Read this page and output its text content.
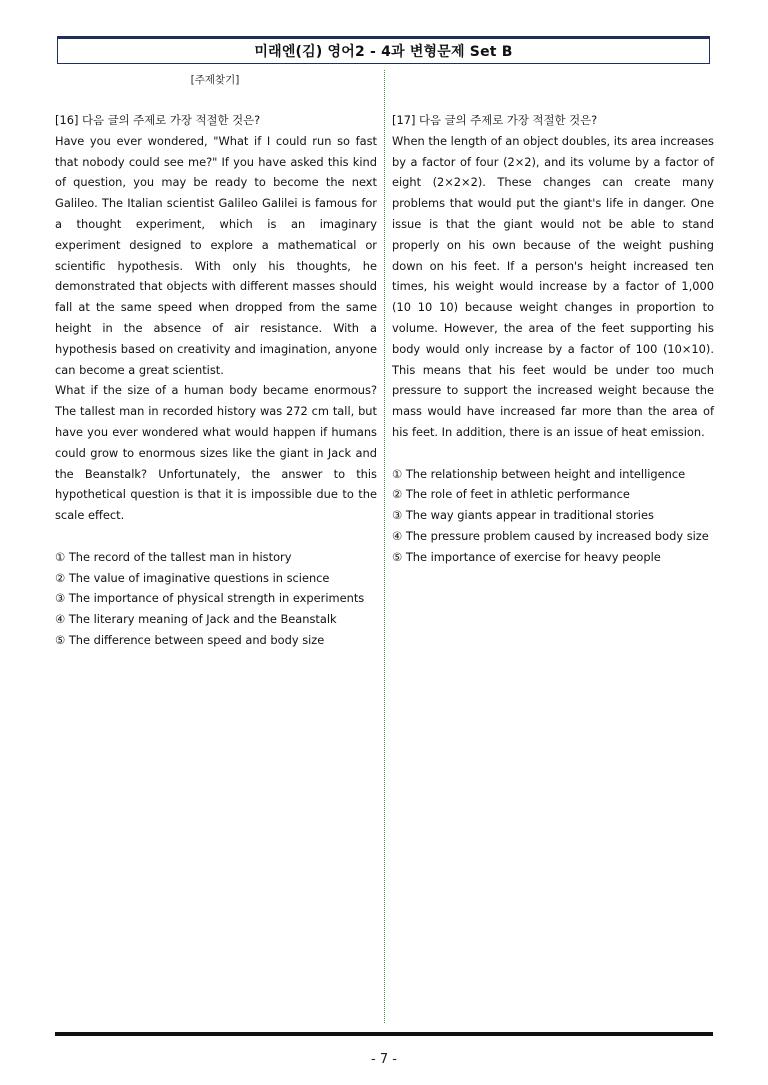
미래엔(김) 영어2 - 4과 변형문제 Set B
[주제찾기]

[16] 다음 글의 주제로 가장 적절한 것은?

Have you ever wondered, "What if I could run so fast that nobody could see me?" If you have asked this kind of question, you may be ready to become the next Galileo. The Italian scientist Galileo Galilei is famous for a thought experiment, which is an imaginary experiment designed to explore a mathematical or scientific hypothesis. With only his thoughts, he demonstrated that objects with different masses should fall at the same speed when dropped from the same height in the absence of air resistance. With a hypothesis based on creativity and imagination, anyone can become a great scientist.

What if the size of a human body became enormous? The tallest man in recorded history was 272 cm tall, but have you ever wondered what would happen if humans could grow to enormous sizes like the giant in Jack and the Beanstalk? Unfortunately, the answer to this hypothetical question is that it is impossible due to the scale effect.

① The record of the tallest man in history
② The value of imaginative questions in science
③ The importance of physical strength in experiments
④ The literary meaning of Jack and the Beanstalk
⑤ The difference between speed and body size

[17] 다음 글의 주제로 가장 적절한 것은?

When the length of an object doubles, its area increases by a factor of four (2×2), and its volume by a factor of eight (2×2×2). These changes can create many problems that would put the giant's life in danger. One issue is that the giant would not be able to stand properly on his own because of the weight pushing down on his feet. If a person's height increased ten times, his weight would increase by a factor of 1,000 (10 10 10) because weight changes in proportion to volume. However, the area of the feet supporting his body would only increase by a factor of 100 (10×10). This means that his feet would be under too much pressure to support the increased weight because the mass would have increased far more than the area of his feet. In addition, there is an issue of heat emission.

① The relationship between height and intelligence
② The role of feet in athletic performance
③ The way giants appear in traditional stories
④ The pressure problem caused by increased body size
⑤ The importance of exercise for heavy people
- 7 -
